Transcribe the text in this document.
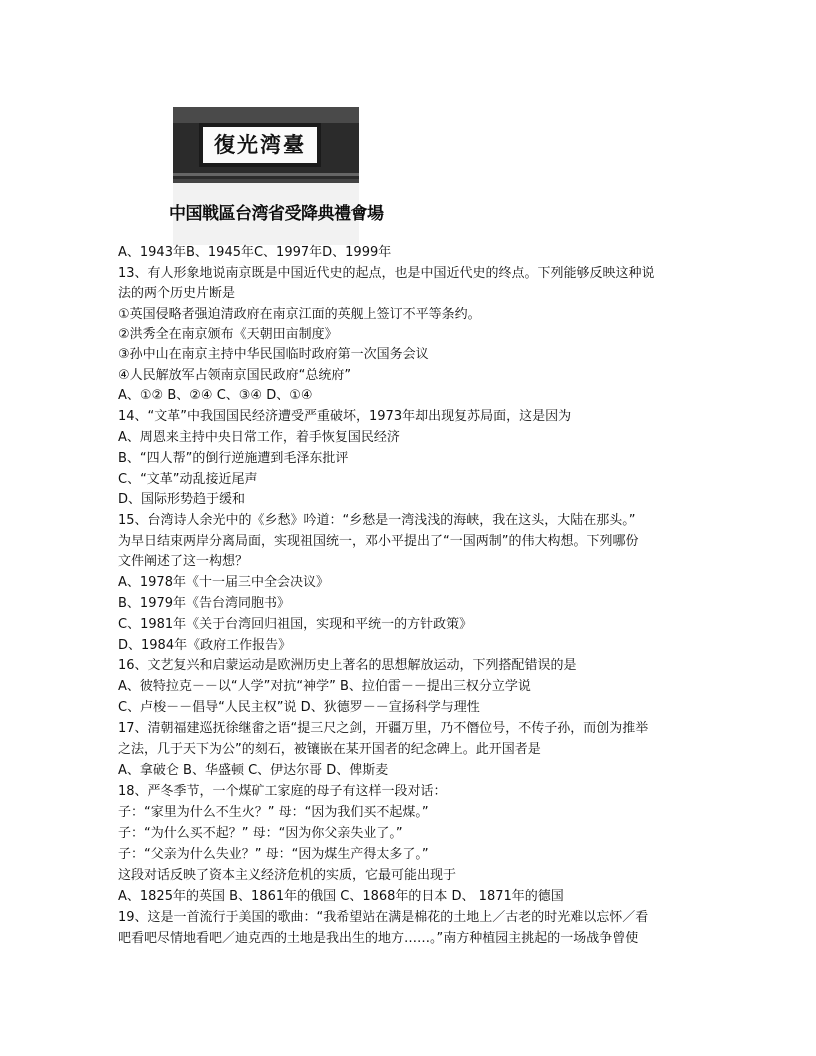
復光湾臺
中国戦區台湾省受降典禮會場
A、1943年B、1945年C、1997年D、1999年
13、有人形象地说南京既是中国近代史的起点，也是中国近代史的终点。下列能够反映这种说
法的两个历史片断是
①英国侵略者强迫清政府在南京江面的英舰上签订不平等条约。
②洪秀全在南京颁布《天朝田亩制度》
③孙中山在南京主持中华民国临时政府第一次国务会议
④人民解放军占领南京国民政府“总统府”
A、①② B、②④ C、③④ D、①④
14、“文革”中我国国民经济遭受严重破坏，1973年却出现复苏局面，这是因为
A、周恩来主持中央日常工作，着手恢复国民经济
B、“四人帮”的倒行逆施遭到毛泽东批评
C、“文革”动乱接近尾声
D、国际形势趋于缓和
15、台湾诗人余光中的《乡愁》吟道：“乡愁是一湾浅浅的海峡，我在这头，大陆在那头。”
为早日结束两岸分离局面，实现祖国统一，邓小平提出了“一国两制”的伟大构想。下列哪份
文件阐述了这一构想？
A、1978年《十一届三中全会决议》
B、1979年《告台湾同胞书》
C、1981年《关于台湾回归祖国，实现和平统一的方针政策》
D、1984年《政府工作报告》
16、文艺复兴和启蒙运动是欧洲历史上著名的思想解放运动，下列搭配错误的是
A、彼特拉克－－以“人学”对抗“神学” B、拉伯雷－－提出三权分立学说
C、卢梭－－倡导“人民主权”说 D、狄德罗－－宣扬科学与理性
17、清朝福建巡抚徐继畬之语“提三尺之剑，开疆万里，乃不僭位号，不传子孙，而创为推举
之法，几于天下为公”的刻石，被镶嵌在某开国者的纪念碑上。此开国者是
A、拿破仑 B、华盛顿 C、伊达尔哥 D、俾斯麦
18、严冬季节，一个煤矿工家庭的母子有这样一段对话：
子：“家里为什么不生火？” 母：“因为我们买不起煤。”
子：“为什么买不起？” 母：“因为你父亲失业了。”
子：“父亲为什么失业？” 母：“因为煤生产得太多了。”
这段对话反映了资本主义经济危机的实质，它最可能出现于
A、1825年的英国 B、1861年的俄国 C、1868年的日本 D、 1871年的德国
19、这是一首流行于美国的歌曲：“我希望站在满是棉花的土地上／古老的时光难以忘怀／看
吧看吧尽情地看吧／迪克西的土地是我出生的地方……。”南方种植园主挑起的一场战争曾使
